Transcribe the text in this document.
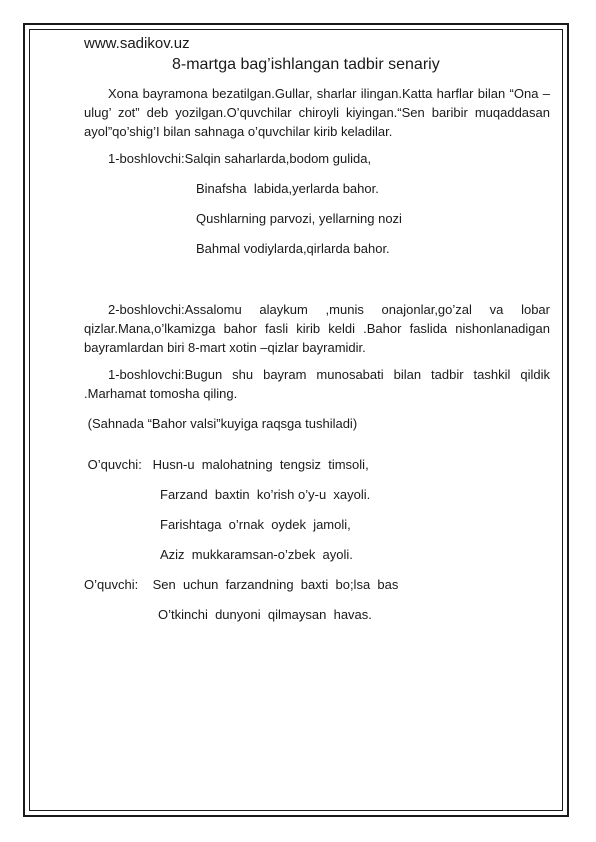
www.sadikov.uz

8-martga bag’ishlangan tadbir senariy

Xona bayramona bezatilgan.Gullar, sharlar ilingan.Katta harflar bilan “Ona –ulug’ zot” deb yozilgan.O’quvchilar chiroyli kiyingan.“Sen baribir muqaddasan ayol”qo’shig’I bilan sahnaga o’quvchilar kirib keladilar.

1-boshlovchi:Salqin saharlarda,bodom gulida,

Binafsha  labida,yerlarda bahor.

Qushlarning parvozi, yellarning nozi

Bahmal vodiylarda,qirlarda bahor.

2-boshlovchi:Assalomu alaykum ,munis onajonlar,go’zal va lobar qizlar.Mana,o’lkamizga bahor fasli kirib keldi .Bahor faslida nishonlanadigan bayramlardan biri 8-mart xotin –qizlar bayramidir.

1-boshlovchi:Bugun shu bayram munosabati bilan tadbir tashkil qildik .Marhamat tomosha qiling.

(Sahnada “Bahor valsi”kuyiga raqsga tushiladi)

O’quvchi:   Husn-u  malohatning  tengsiz  timsoli,

Farzand  baxtin  ko’rish o’y-u  xayoli.

Farishtaga  o’rnak  oydek  jamoli,

Aziz  mukkaramsan-o’zbek  ayoli.

O’quvchi:    Sen  uchun  farzandning  baxti  bo;lsa  bas

O’tkinchi  dunyoni  qilmaysan  havas.
